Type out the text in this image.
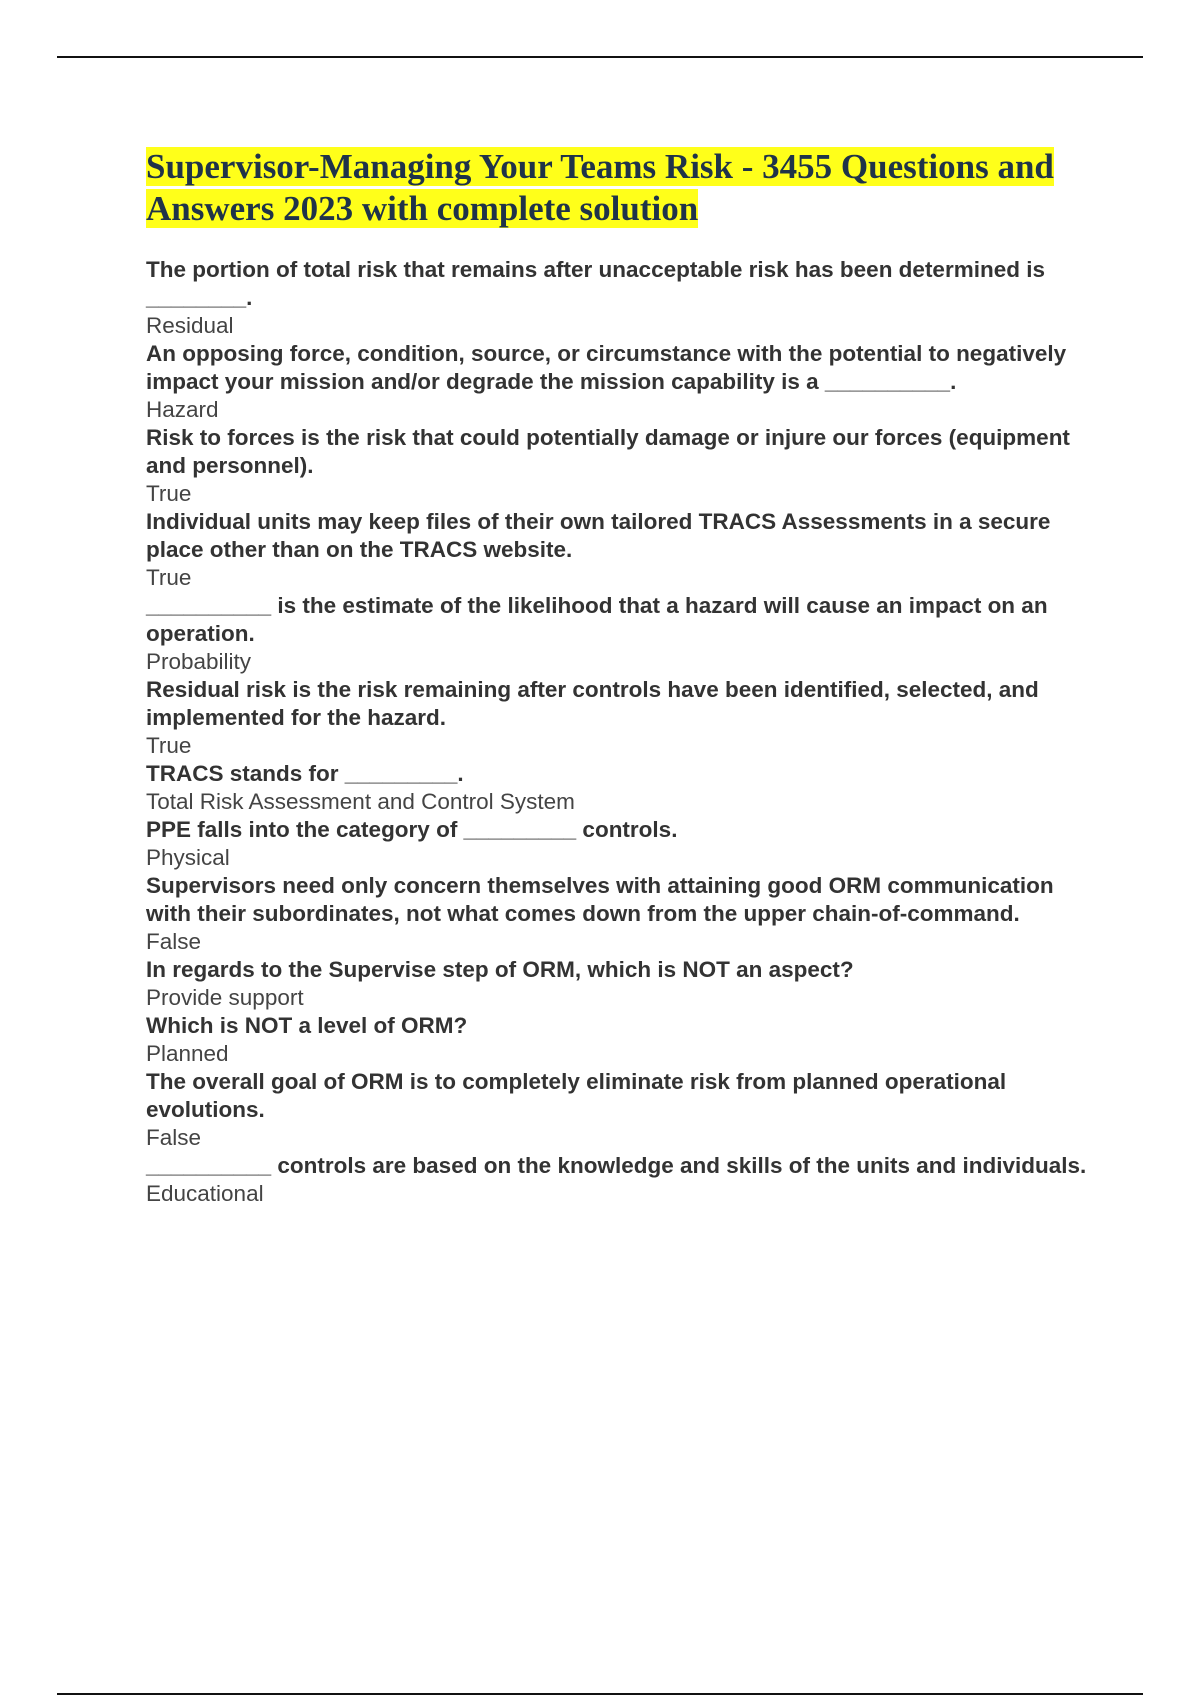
Supervisor-Managing Your Teams Risk - 3455 Questions and Answers 2023 with complete solution

The portion of total risk that remains after unacceptable risk has been determined is ________.

Residual

An opposing force, condition, source, or circumstance with the potential to negatively impact your mission and/or degrade the mission capability is a __________.

Hazard

Risk to forces is the risk that could potentially damage or injure our forces (equipment and personnel).

True

Individual units may keep files of their own tailored TRACS Assessments in a secure place other than on the TRACS website.

True

__________ is the estimate of the likelihood that a hazard will cause an impact on an operation.

Probability

Residual risk is the risk remaining after controls have been identified, selected, and implemented for the hazard.

True

TRACS stands for _________.

Total Risk Assessment and Control System

PPE falls into the category of _________ controls.

Physical

Supervisors need only concern themselves with attaining good ORM communication with their subordinates, not what comes down from the upper chain-of-command.

False

In regards to the Supervise step of ORM, which is NOT an aspect?

Provide support

Which is NOT a level of ORM?

Planned

The overall goal of ORM is to completely eliminate risk from planned operational evolutions.

False

__________ controls are based on the knowledge and skills of the units and individuals.

Educational
